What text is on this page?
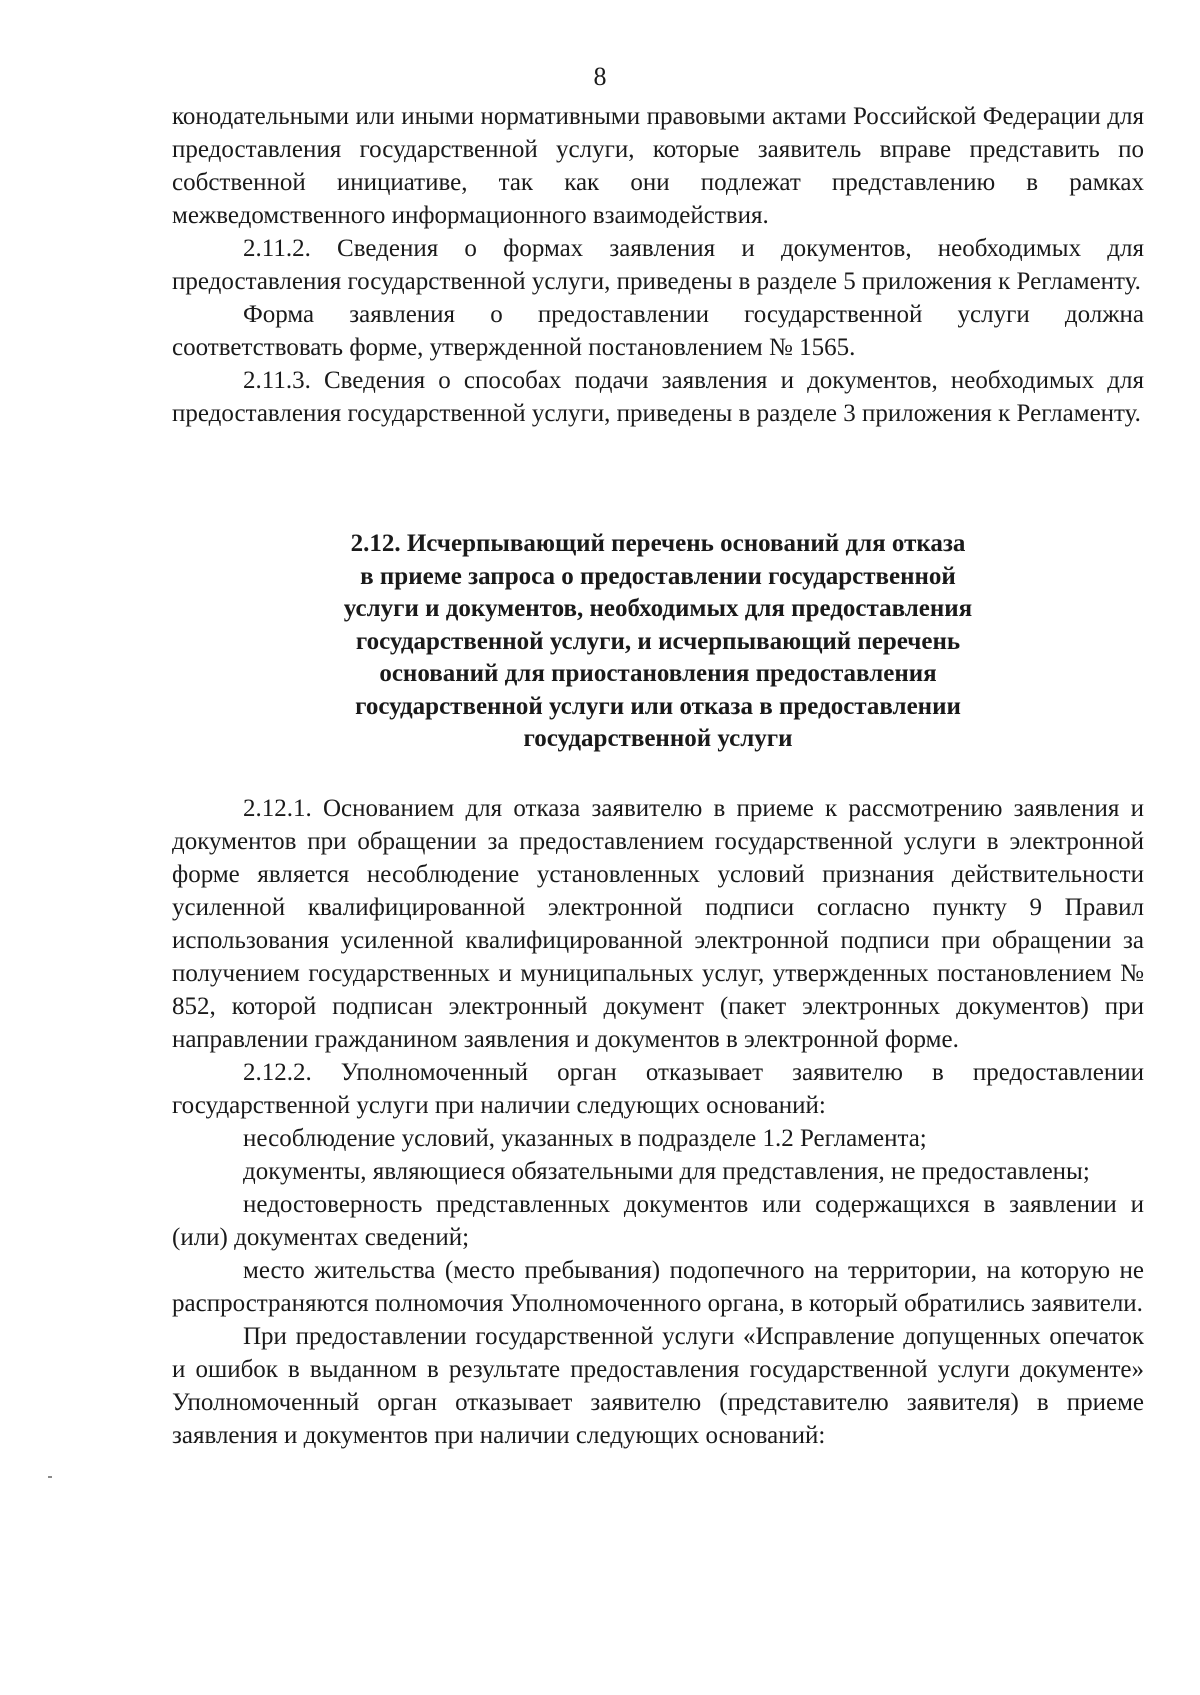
8

конодательными или иными нормативными правовыми актами Российской Федерации для предоставления государственной услуги, которые заявитель вправе представить по собственной инициативе, так как они подлежат представлению в рамках межведомственного информационного взаимодействия.

2.11.2. Сведения о формах заявления и документов, необходимых для предоставления государственной услуги, приведены в разделе 5 приложения к Регламенту.

Форма заявления о предоставлении государственной услуги должна соответствовать форме, утвержденной постановлением № 1565.

2.11.3. Сведения о способах подачи заявления и документов, необходимых для предоставления государственной услуги, приведены в разделе 3 приложения к Регламенту.

2.12. Исчерпывающий перечень оснований для отказа
в приеме запроса о предоставлении государственной
услуги и документов, необходимых для предоставления
государственной услуги, и исчерпывающий перечень
оснований для приостановления предоставления
государственной услуги или отказа в предоставлении
государственной услуги

2.12.1. Основанием для отказа заявителю в приеме к рассмотрению заявления и документов при обращении за предоставлением государственной услуги в электронной форме является несоблюдение установленных условий признания действительности усиленной квалифицированной электронной подписи согласно пункту 9 Правил использования усиленной квалифицированной электронной подписи при обращении за получением государственных и муниципальных услуг, утвержденных постановлением № 852, которой подписан электронный документ (пакет электронных документов) при направлении гражданином заявления и документов в электронной форме.

2.12.2. Уполномоченный орган отказывает заявителю в предоставлении государственной услуги при наличии следующих оснований:

несоблюдение условий, указанных в подразделе 1.2 Регламента;

документы, являющиеся обязательными для представления, не предоставлены;

недостоверность представленных документов или содержащихся в заявлении и (или) документах сведений;

место жительства (место пребывания) подопечного на территории, на которую не распространяются полномочия Уполномоченного органа, в который обратились заявители.

При предоставлении государственной услуги «Исправление допущенных опечаток и ошибок в выданном в результате предоставления государственной услуги документе» Уполномоченный орган отказывает заявителю (представителю заявителя) в приеме заявления и документов при наличии следующих оснований:
